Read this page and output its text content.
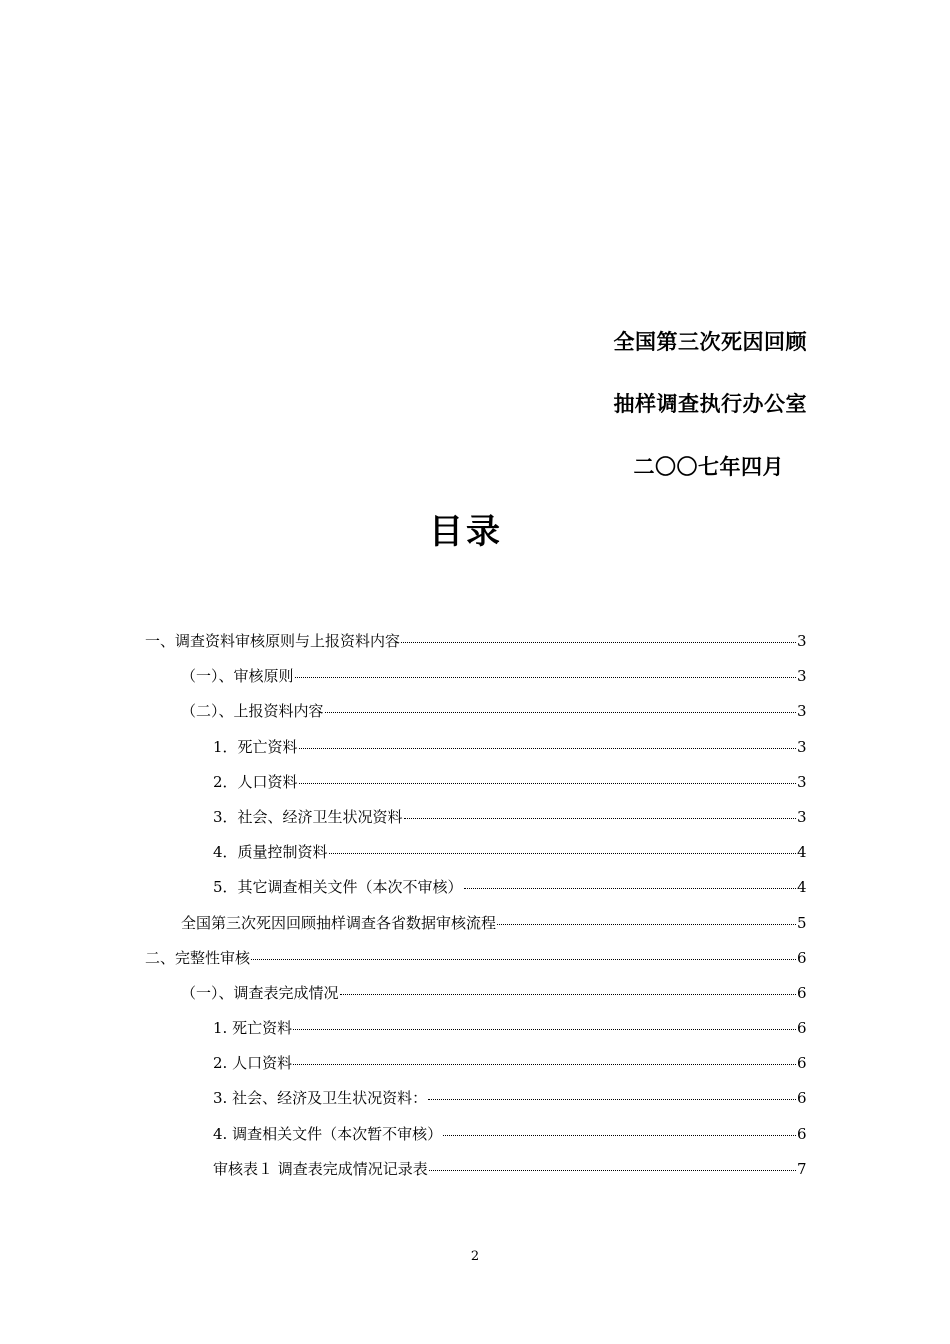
全国第三次死因回顾
抽样调查执行办公室
二〇〇七年四月
目录
一、调查资料审核原则与上报资料内容	3
（一）、审核原则	3
（二）、上报资料内容	3
1．死亡资料	3
2．人口资料	3
3．社会、经济卫生状况资料	3
4．质量控制资料	4
5．其它调查相关文件（本次不审核）	4
全国第三次死因回顾抽样调查各省数据审核流程	5
二、完整性审核	6
（一）、调查表完成情况	6
1. 死亡资料	6
2. 人口资料	6
3. 社会、经济及卫生状况资料：	6
4. 调查相关文件（本次暂不审核）	6
审核表１ 调查表完成情况记录表	7
2
